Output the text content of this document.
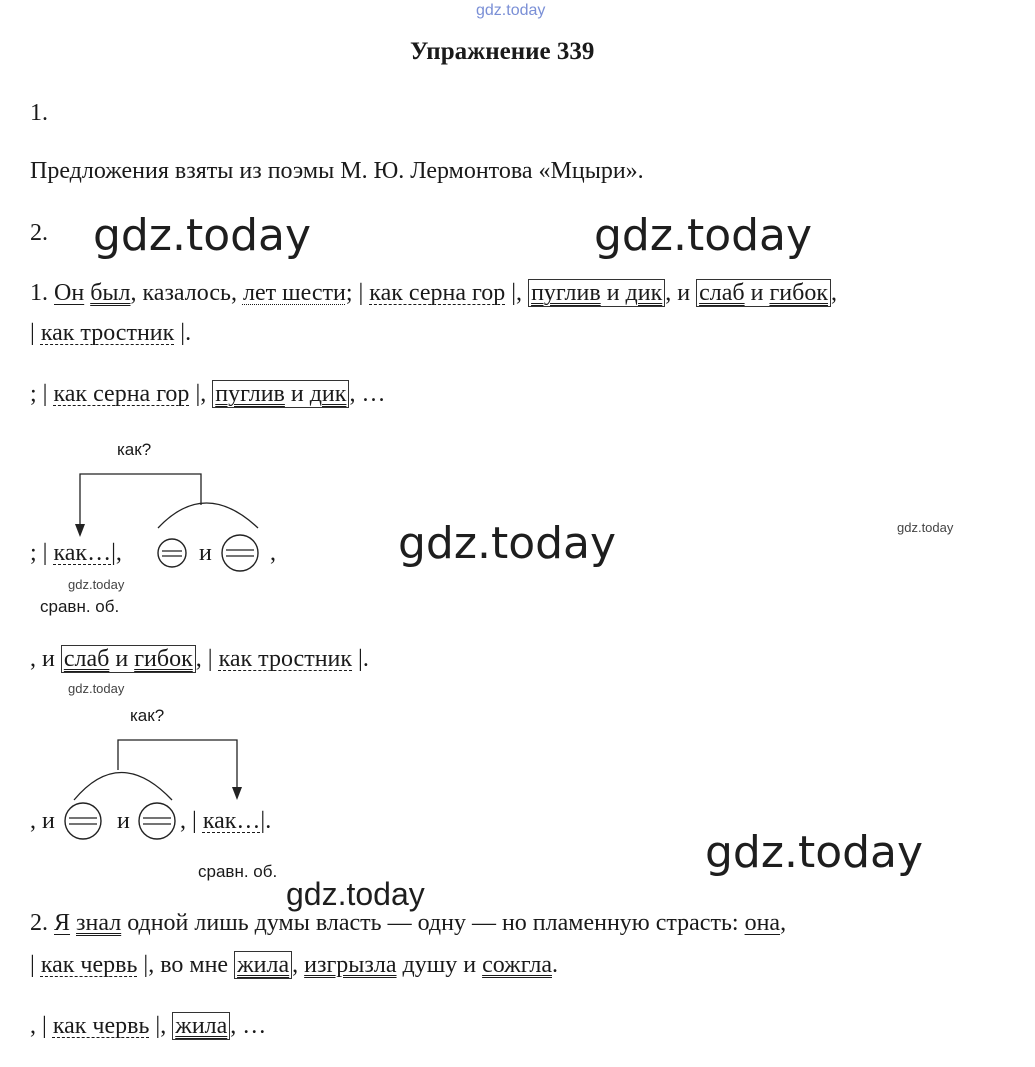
gdz.today
Упражнение 339
1.
Предложения взяты из поэмы М. Ю. Лермонтова «Мцыри».
2. gdz.today	gdz.today
gdz.today
gdz.today
gdz.today
gdz.today
gdz.today
gdz.today
1. Он был, казалось, лет шести; | как серна гор |, пуглив и дик , и слаб и гибок ,
| как тростник |.
; | как серна гор |, пуглив и дик , …
как?
; | как…|,	и ,
сравн. об.
, и слаб и гибок , | как тростник |.
как?
, и	и , | как…|.
сравн. об.
2. Я знал одной лишь думы власть — одну — но пламенную страсть: она,
| как червь |, во мне жила , изгрызла душу и сожгла.
, | как червь |, жила , …
